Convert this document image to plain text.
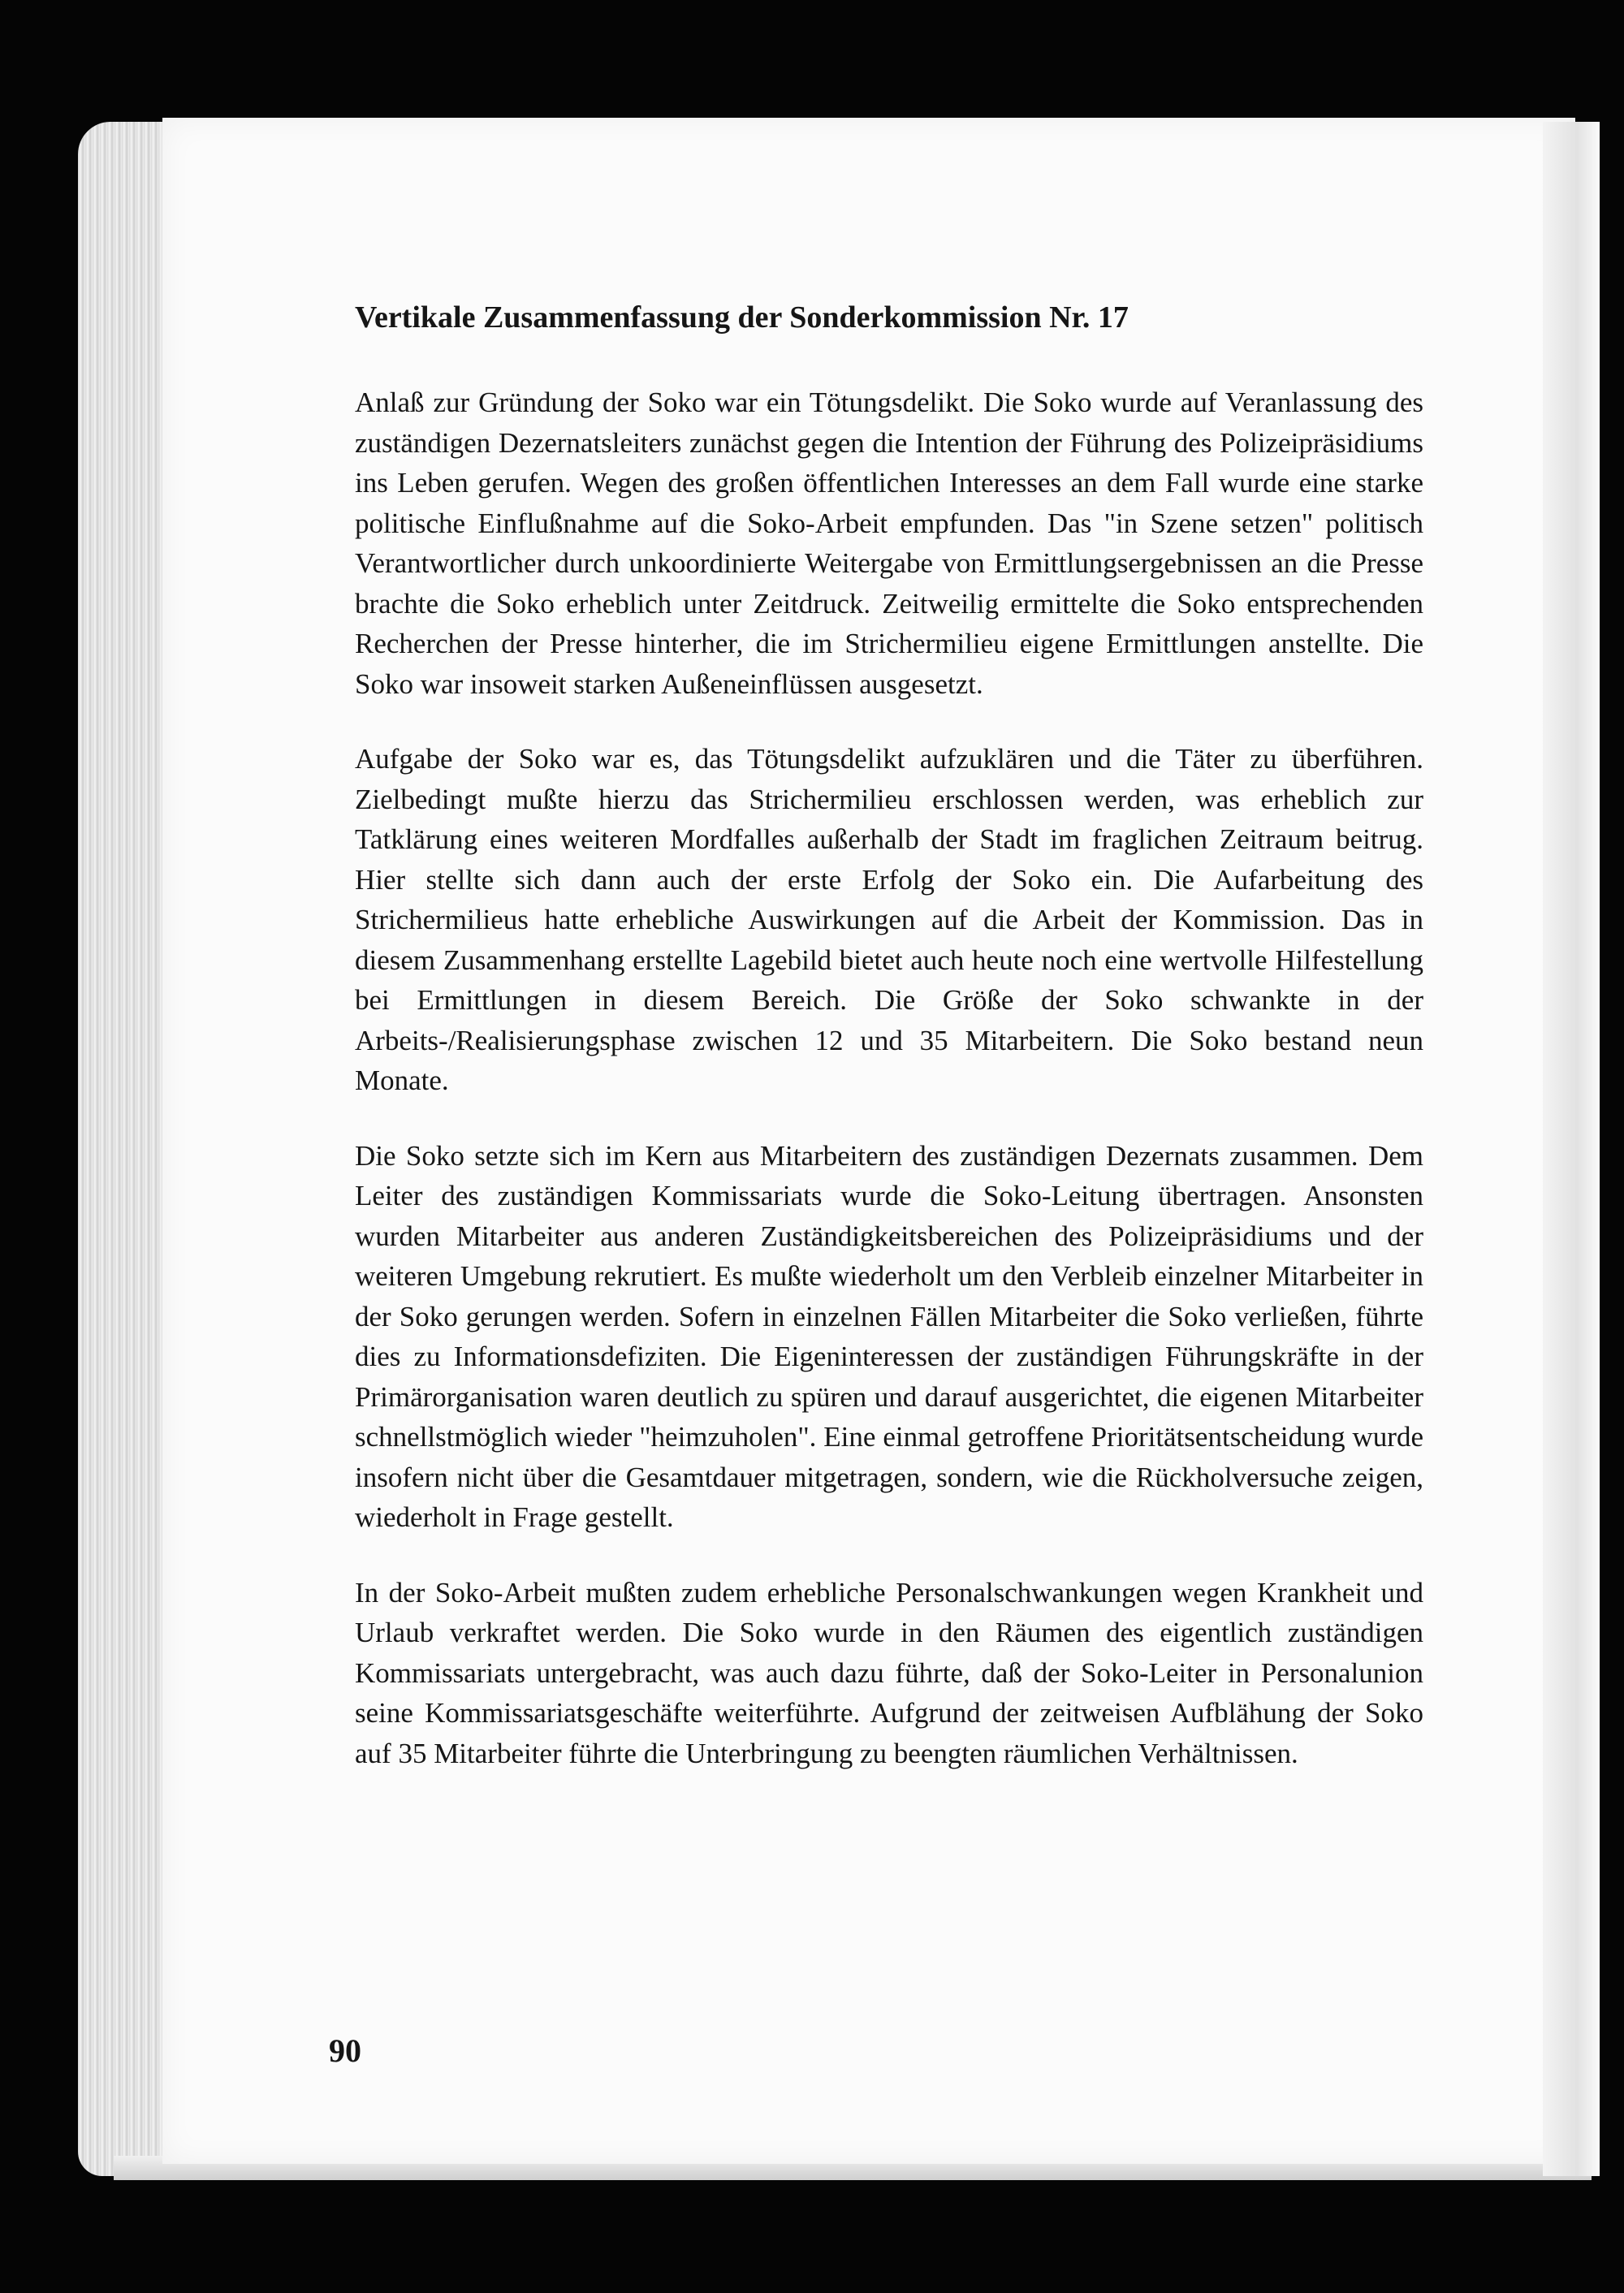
Vertikale Zusammenfassung der Sonderkommission Nr. 17

Anlaß zur Gründung der Soko war ein Tötungsdelikt. Die Soko wurde auf Veranlassung des zuständigen Dezernatsleiters zunächst gegen die Intention der Führung des Polizeipräsidiums ins Leben gerufen. Wegen des großen öffentlichen Interesses an dem Fall wurde eine starke politische Einflußnahme auf die Soko-Arbeit empfunden. Das "in Szene setzen" politisch Verantwortlicher durch unkoordinierte Weitergabe von Ermittlungsergebnissen an die Presse brachte die Soko erheblich unter Zeitdruck. Zeitweilig ermittelte die Soko entsprechenden Recherchen der Presse hinterher, die im Strichermilieu eigene Ermittlungen anstellte. Die Soko war insoweit starken Außeneinflüssen ausgesetzt.

Aufgabe der Soko war es, das Tötungsdelikt aufzuklären und die Täter zu überführen. Zielbedingt mußte hierzu das Strichermilieu erschlossen werden, was erheblich zur Tatklärung eines weiteren Mordfalles außerhalb der Stadt im fraglichen Zeitraum beitrug. Hier stellte sich dann auch der erste Erfolg der Soko ein. Die Aufarbeitung des Strichermilieus hatte erhebliche Auswirkungen auf die Arbeit der Kommission. Das in diesem Zusammenhang erstellte Lagebild bietet auch heute noch eine wertvolle Hilfestellung bei Ermittlungen in diesem Bereich. Die Größe der Soko schwankte in der Arbeits-/Realisierungsphase zwischen 12 und 35 Mitarbeitern. Die Soko bestand neun Monate.

Die Soko setzte sich im Kern aus Mitarbeitern des zuständigen Dezernats zusammen. Dem Leiter des zuständigen Kommissariats wurde die Soko-Leitung übertragen. Ansonsten wurden Mitarbeiter aus anderen Zuständigkeitsbereichen des Polizeipräsidiums und der weiteren Umgebung rekrutiert. Es mußte wiederholt um den Verbleib einzelner Mitarbeiter in der Soko gerungen werden. Sofern in einzelnen Fällen Mitarbeiter die Soko verließen, führte dies zu Informationsdefiziten. Die Eigeninteressen der zuständigen Führungskräfte in der Primärorganisation waren deutlich zu spüren und darauf ausgerichtet, die eigenen Mitarbeiter schnellstmöglich wieder "heimzuholen". Eine einmal getroffene Prioritätsentscheidung wurde insofern nicht über die Gesamtdauer mitgetragen, sondern, wie die Rückholversuche zeigen, wiederholt in Frage gestellt.

In der Soko-Arbeit mußten zudem erhebliche Personalschwankungen wegen Krankheit und Urlaub verkraftet werden. Die Soko wurde in den Räumen des eigentlich zuständigen Kommissariats untergebracht, was auch dazu führte, daß der Soko-Leiter in Personalunion seine Kommissariatsgeschäfte weiterführte. Aufgrund der zeitweisen Aufblähung der Soko auf 35 Mitarbeiter führte die Unterbringung zu beengten räumlichen Verhältnissen.

90
